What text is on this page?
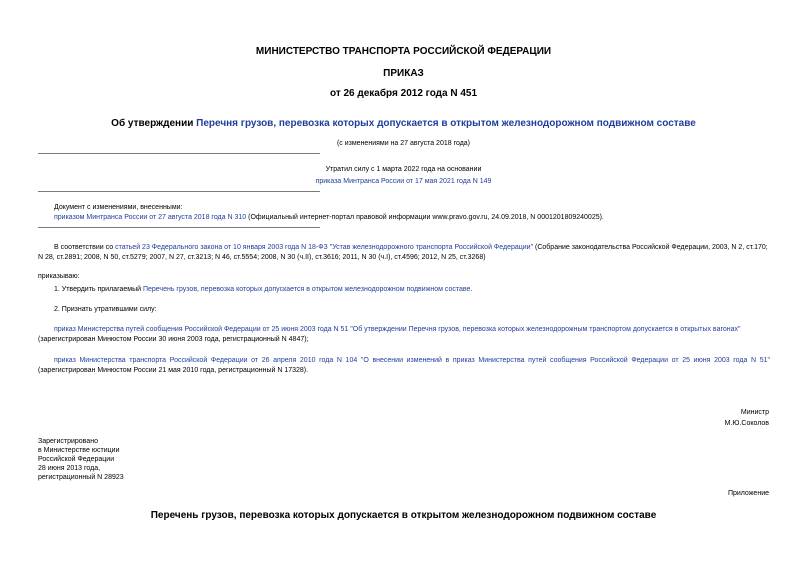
МИНИСТЕРСТВО ТРАНСПОРТА РОССИЙСКОЙ ФЕДЕРАЦИИ
ПРИКАЗ
от 26 декабря 2012 года N 451
Об утверждении Перечня грузов, перевозка которых допускается в открытом железнодорожном подвижном составе
(с изменениями на 27 августа 2018 года)
Утратил силу с 1 марта 2022 года на основании
приказа Минтранса России от 17 мая 2021 года N 149
Документ с изменениями, внесенными:
приказом Минтранса России от 27 августа 2018 года N 310 (Официальный интернет-портал правовой информации www.pravo.gov.ru, 24.09.2018, N 0001201809240025).
В соответствии со статьей 23 Федерального закона от 10 января 2003 года N 18-ФЗ "Устав железнодорожного транспорта Российской Федерации" (Собрание законодательства Российской Федерации, 2003, N 2, ст.170; N 28, ст.2891; 2008, N 50, ст.5279; 2007, N 27, ст.3213; N 46, ст.5554; 2008, N 30 (ч.II), ст.3616; 2011, N 30 (ч.I), ст.4596; 2012, N 25, ст.3268)
приказываю:
1. Утвердить прилагаемый Перечень грузов, перевозка которых допускается в открытом железнодорожном подвижном составе.
2. Признать утратившими силу:
приказ Министерства путей сообщения Российской Федерации от 25 июня 2003 года N 51 "Об утверждении Перечня грузов, перевозка которых железнодорожным транспортом допускается в открытых вагонах" (зарегистрирован Минюстом России 30 июня 2003 года, регистрационный N 4847);
приказ Министерства транспорта Российской Федерации от 26 апреля 2010 года N 104 "О внесении изменений в приказ Министерства путей сообщения Российской Федерации от 25 июня 2003 года N 51" (зарегистрирован Минюстом России 21 мая 2010 года, регистрационный N 17328).
Министр
М.Ю.Соколов
Зарегистрировано
в Министерстве юстиции
Российской Федерации
28 июня 2013 года,
регистрационный N 28923
Приложение
Перечень грузов, перевозка которых допускается в открытом железнодорожном подвижном составе
